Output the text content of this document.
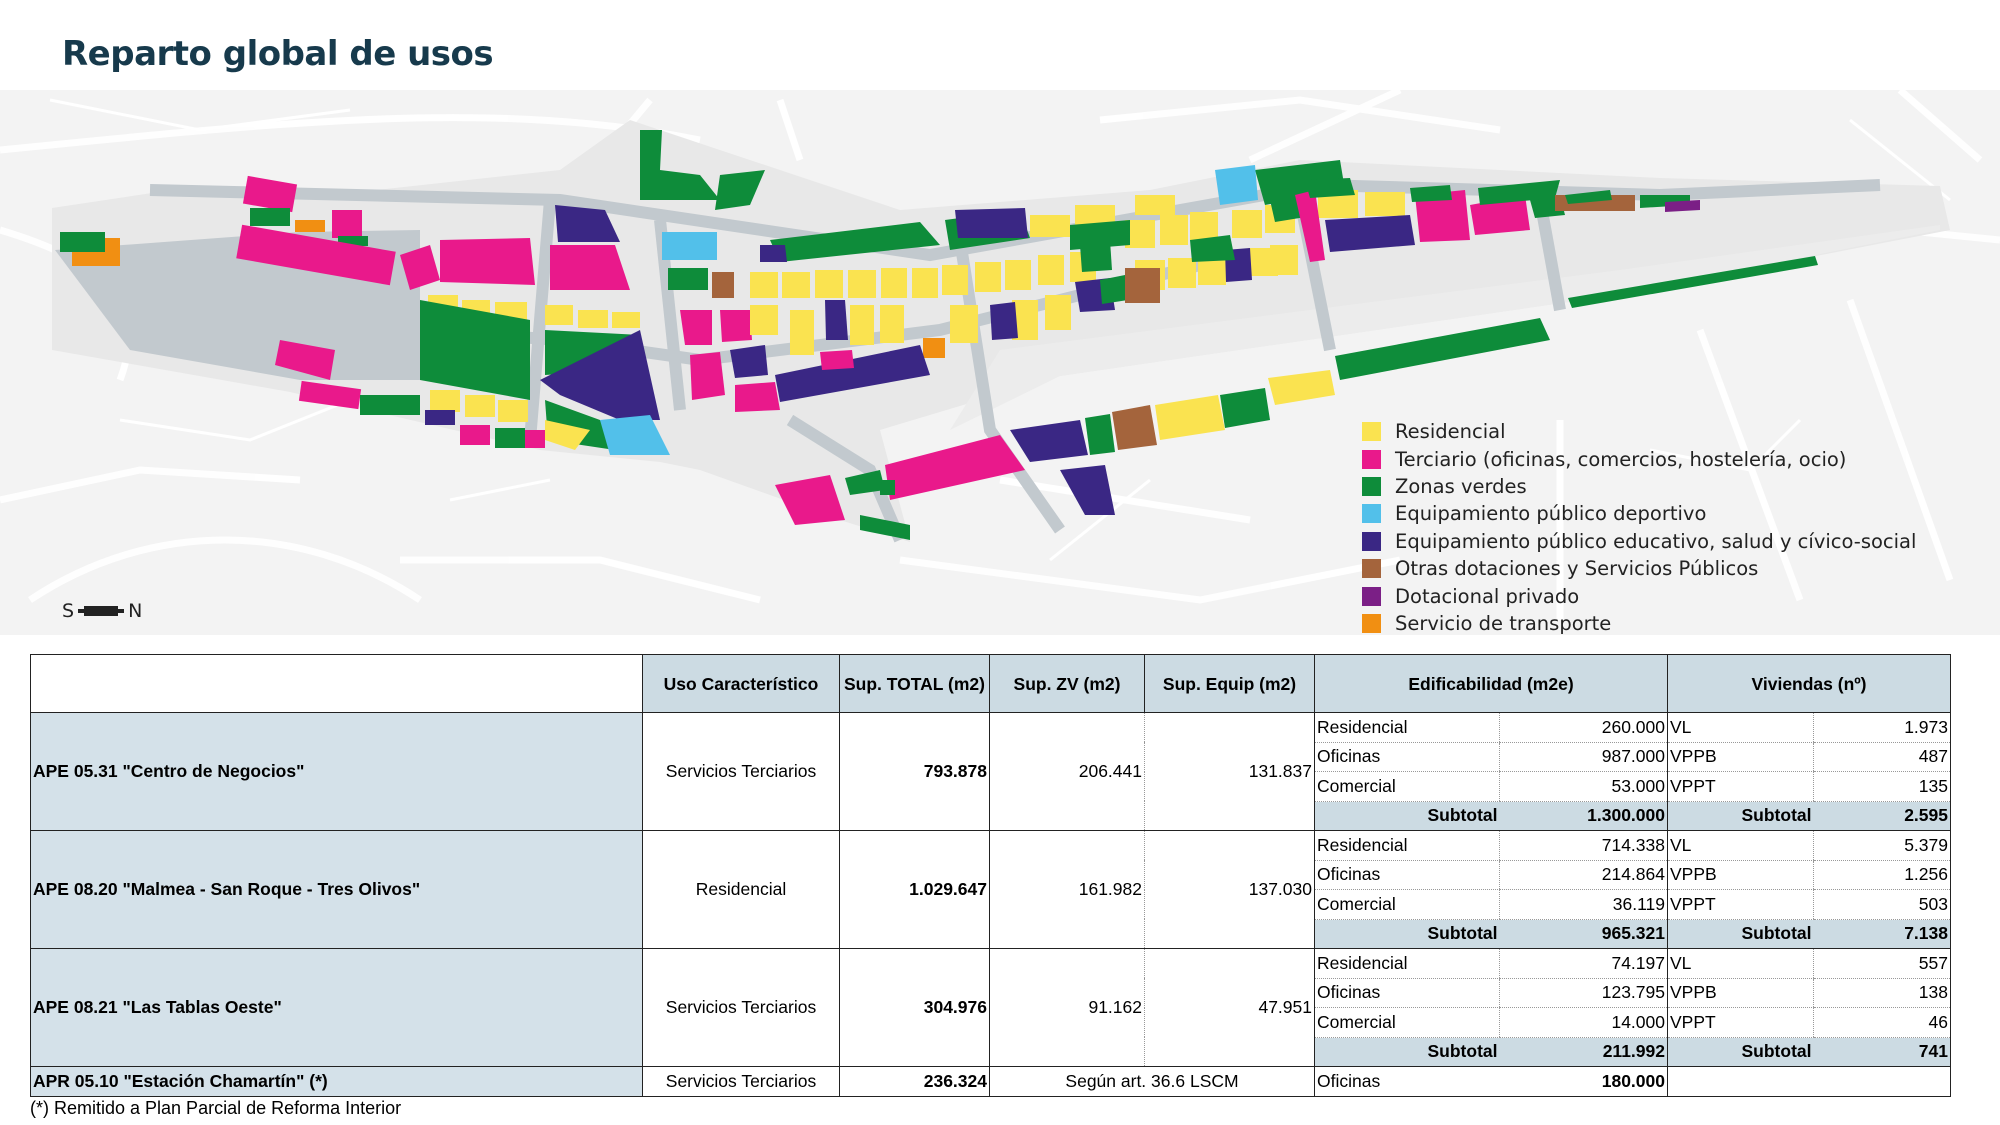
Reparto global de usos
Residencial
Terciario (oficinas, comercios, hostelería, ocio)
Zonas verdes
Equipamiento público deportivo
Equipamiento público educativo, salud y cívico-social
Otras dotaciones y Servicios Públicos
Dotacional privado
Servicio de transporte
S	N
	Uso Característico	Sup. TOTAL (m2)	Sup. ZV (m2)	Sup. Equip (m2)	Edificabilidad (m2e)		Viviendas (nº)	
APE 05.31 "Centro de Negocios"	Servicios Terciarios	793.878	206.441	131.837	Residencial	260.000	VL	1.973
					Oficinas	987.000	VPPB	487
					Comercial	53.000	VPPT	135
					Subtotal	1.300.000	Subtotal	2.595
APE 08.20 "Malmea - San Roque - Tres Olivos"	Residencial	1.029.647	161.982	137.030	Residencial	714.338	VL	5.379
					Oficinas	214.864	VPPB	1.256
					Comercial	36.119	VPPT	503
					Subtotal	965.321	Subtotal	7.138
APE 08.21 "Las Tablas Oeste"	Servicios Terciarios	304.976	91.162	47.951	Residencial	74.197	VL	557
					Oficinas	123.795	VPPB	138
					Comercial	14.000	VPPT	46
					Subtotal	211.992	Subtotal	741
APR 05.10 "Estación Chamartín" (*)	Servicios Terciarios	236.324	Según art. 36.6 LSCM		Oficinas	180.000		
(*) Remitido a Plan Parcial de Reforma Interior
